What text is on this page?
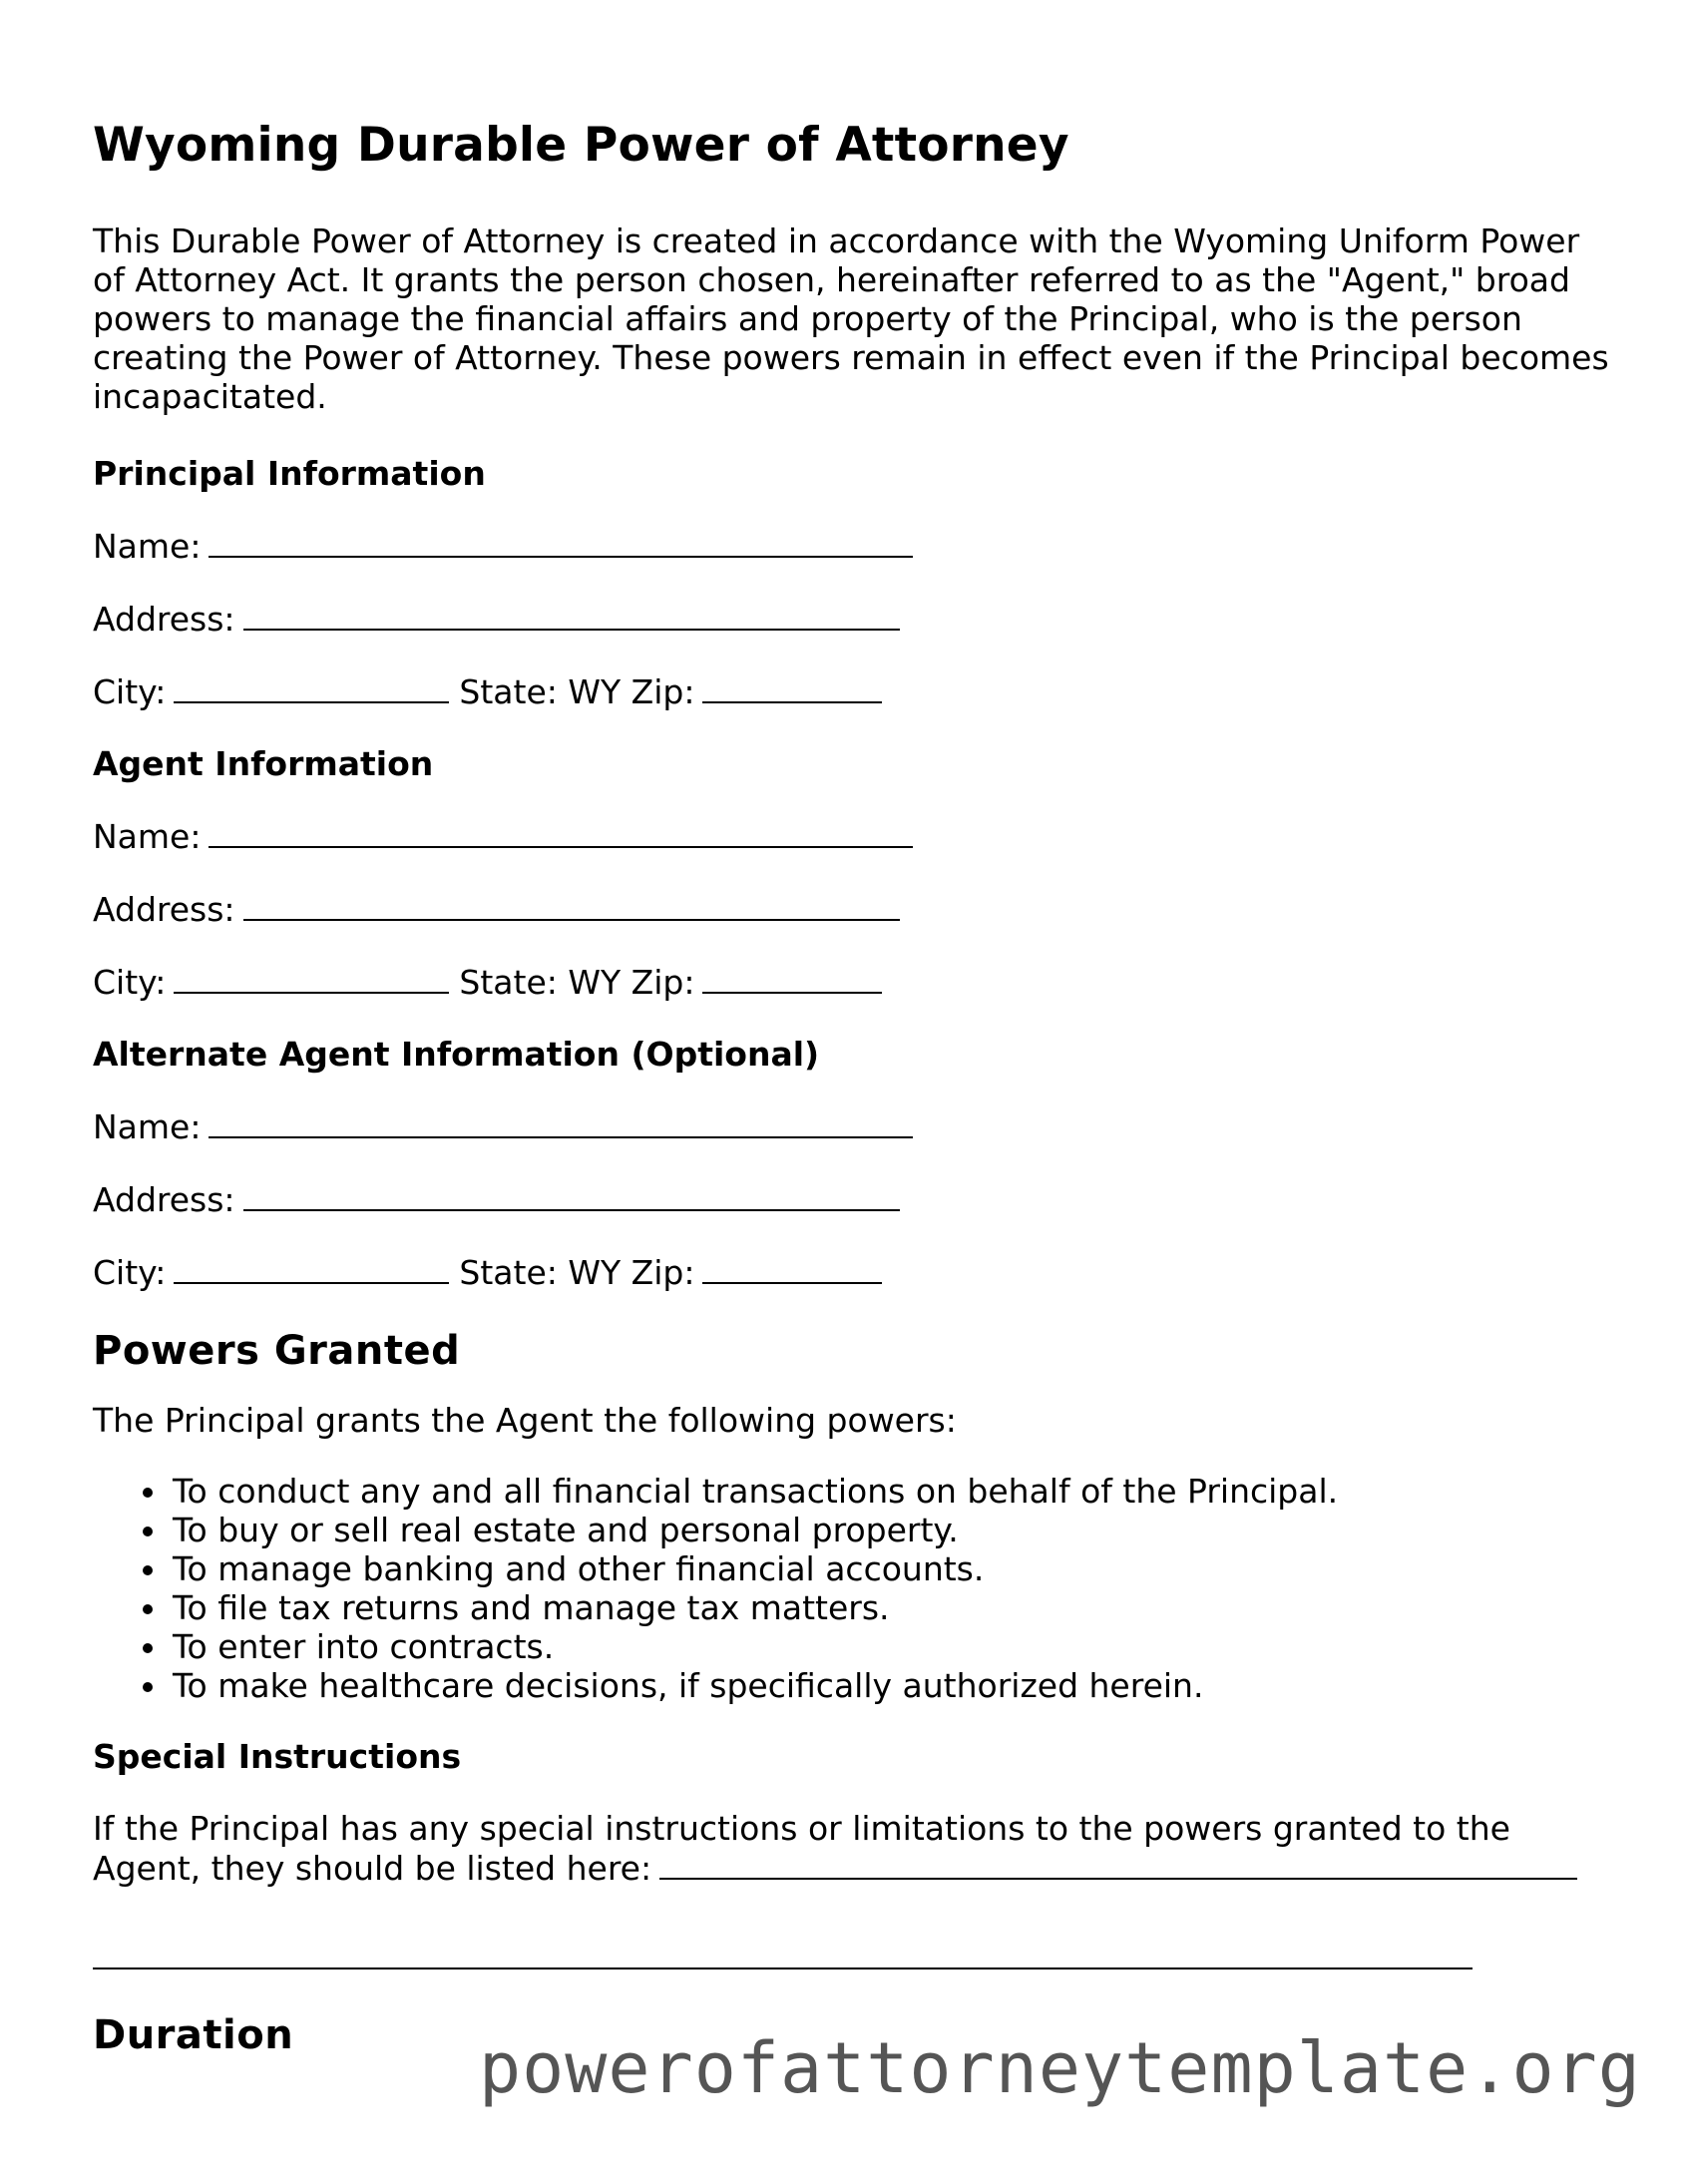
Wyoming Durable Power of Attorney

This Durable Power of Attorney is created in accordance with the Wyoming Uniform Power of Attorney Act. It grants the person chosen, hereinafter referred to as the "Agent," broad powers to manage the financial affairs and property of the Principal, who is the person creating the Power of Attorney. These powers remain in effect even if the Principal becomes incapacitated.

Principal Information
Name:
Address:
City:	State: WY Zip:
Agent Information
Name:
Address:
City:	State: WY Zip:
Alternate Agent Information (Optional)
Name:
Address:
City:	State: WY Zip:
Powers Granted

The Principal grants the Agent the following powers:

To conduct any and all financial transactions on behalf of the Principal.
To buy or sell real estate and personal property.
To manage banking and other financial accounts.
To file tax returns and manage tax matters.
To enter into contracts.
To make healthcare decisions, if specifically authorized herein.
Special Instructions

If the Principal has any special instructions or limitations to the powers granted to the Agent, they should be listed here:

Duration	powerofattorneytemplate.org
